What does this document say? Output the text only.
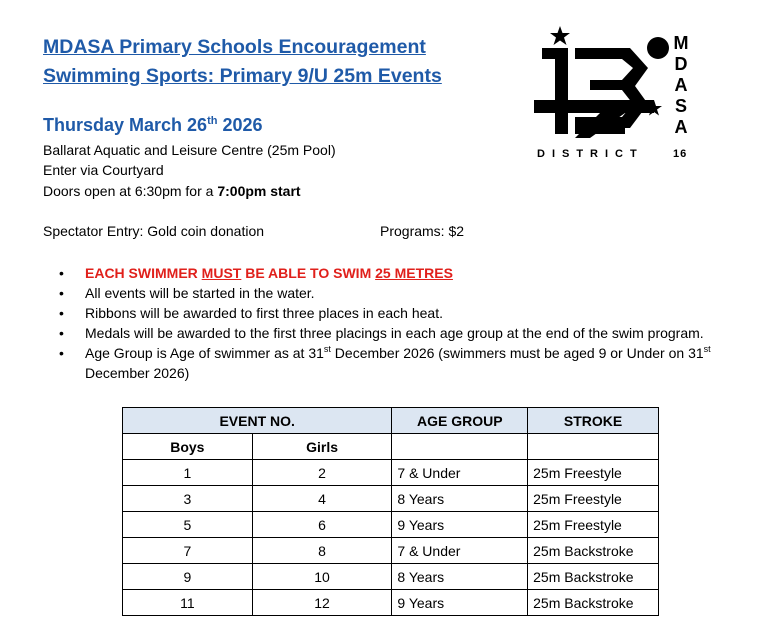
MDASA Primary Schools Encouragement
Swimming Sports: Primary 9/U 25m Events
Thursday March 26th 2026
Ballarat Aquatic and Leisure Centre (25m Pool)
Enter via Courtyard
Doors open at 6:30pm for a 7:00pm start
Spectator Entry: Gold coin donation	Programs: $2
M
D
A
S
A
DISTRICT	16
• EACH SWIMMER MUST BE ABLE TO SWIM 25 METRES
• All events will be started in the water.
• Ribbons will be awarded to first three places in each heat.
• Medals will be awarded to the first three placings in each age group at the end of the swim program.
• Age Group is Age of swimmer as at 31st December 2026 (swimmers must be aged 9 or Under on 31st December 2026)
EVENT NO.		AGE GROUP	STROKE
Boys	Girls		
1	2	7 & Under	25m Freestyle
3	4	8 Years	25m Freestyle
5	6	9 Years	25m Freestyle
7	8	7 & Under	25m Backstroke
9	10	8 Years	25m Backstroke
11	12	9 Years	25m Backstroke
